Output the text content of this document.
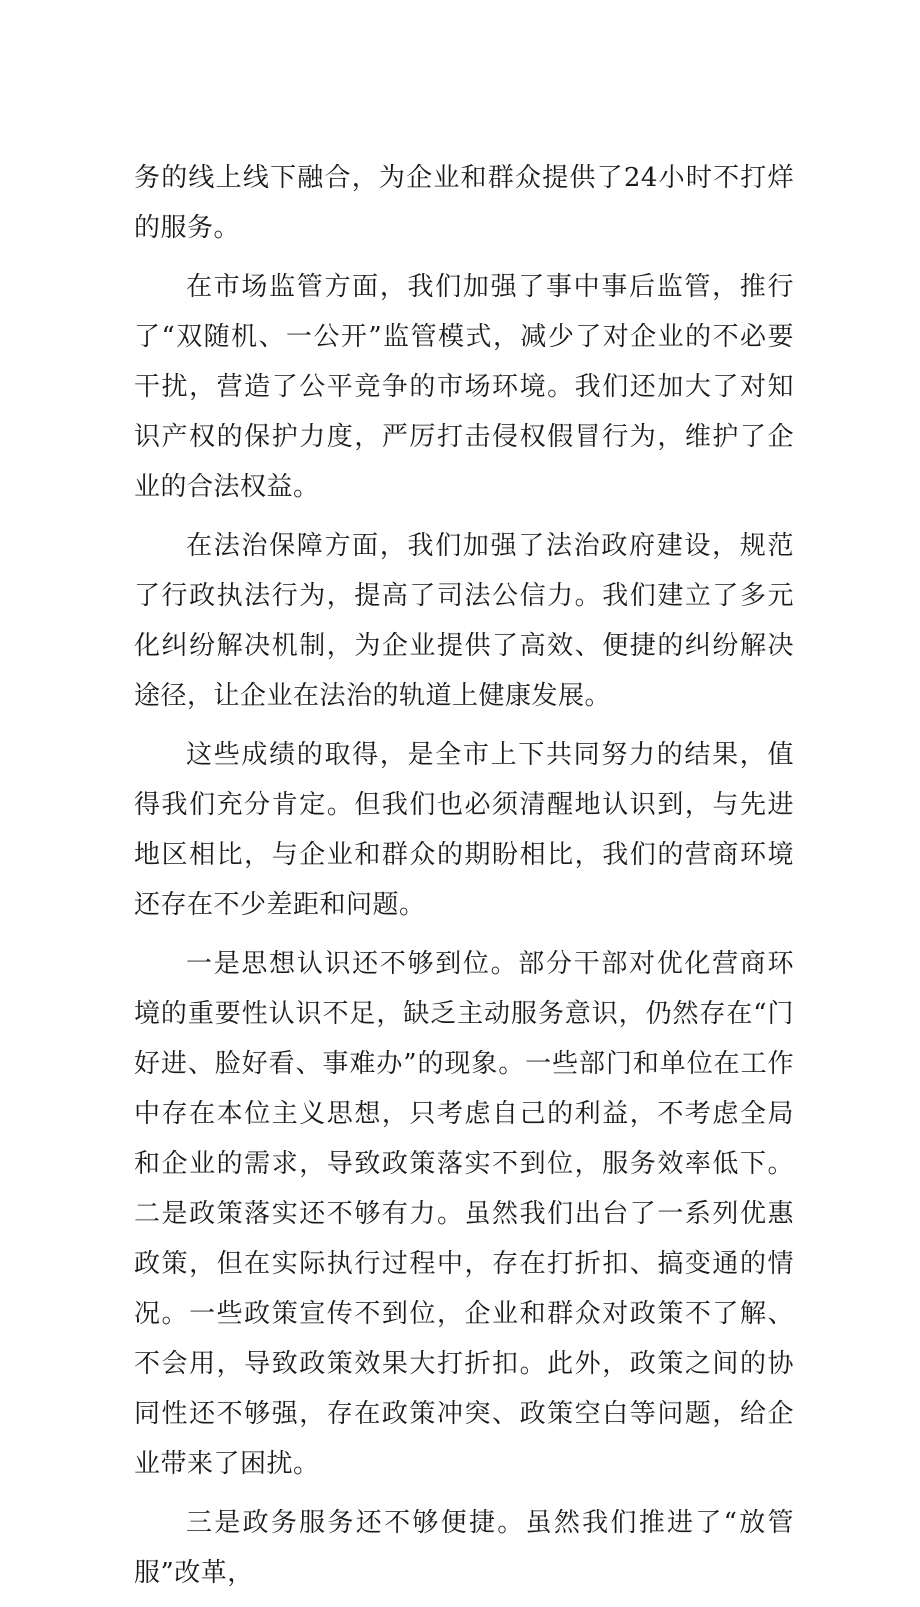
务的线上线下融合，为企业和群众提供了24小时不打烊的服务。

在市场监管方面，我们加强了事中事后监管，推行了“双随机、一公开”监管模式，减少了对企业的不必要干扰，营造了公平竞争的市场环境。我们还加大了对知识产权的保护力度，严厉打击侵权假冒行为，维护了企业的合法权益。

在法治保障方面，我们加强了法治政府建设，规范了行政执法行为，提高了司法公信力。我们建立了多元化纠纷解决机制，为企业提供了高效、便捷的纠纷解决途径，让企业在法治的轨道上健康发展。

这些成绩的取得，是全市上下共同努力的结果，值得我们充分肯定。但我们也必须清醒地认识到，与先进地区相比，与企业和群众的期盼相比，我们的营商环境还存在不少差距和问题。

一是思想认识还不够到位。部分干部对优化营商环境的重要性认识不足，缺乏主动服务意识，仍然存在“门好进、脸好看、事难办”的现象。一些部门和单位在工作中存在本位主义思想，只考虑自己的利益，不考虑全局和企业的需求，导致政策落实不到位，服务效率低下。二是政策落实还不够有力。虽然我们出台了一系列优惠政策，但在实际执行过程中，存在打折扣、搞变通的情况。一些政策宣传不到位，企业和群众对政策不了解、不会用，导致政策效果大打折扣。此外，政策之间的协同性还不够强，存在政策冲突、政策空白等问题，给企业带来了困扰。

三是政务服务还不够便捷。虽然我们推进了“放管服”改革，
